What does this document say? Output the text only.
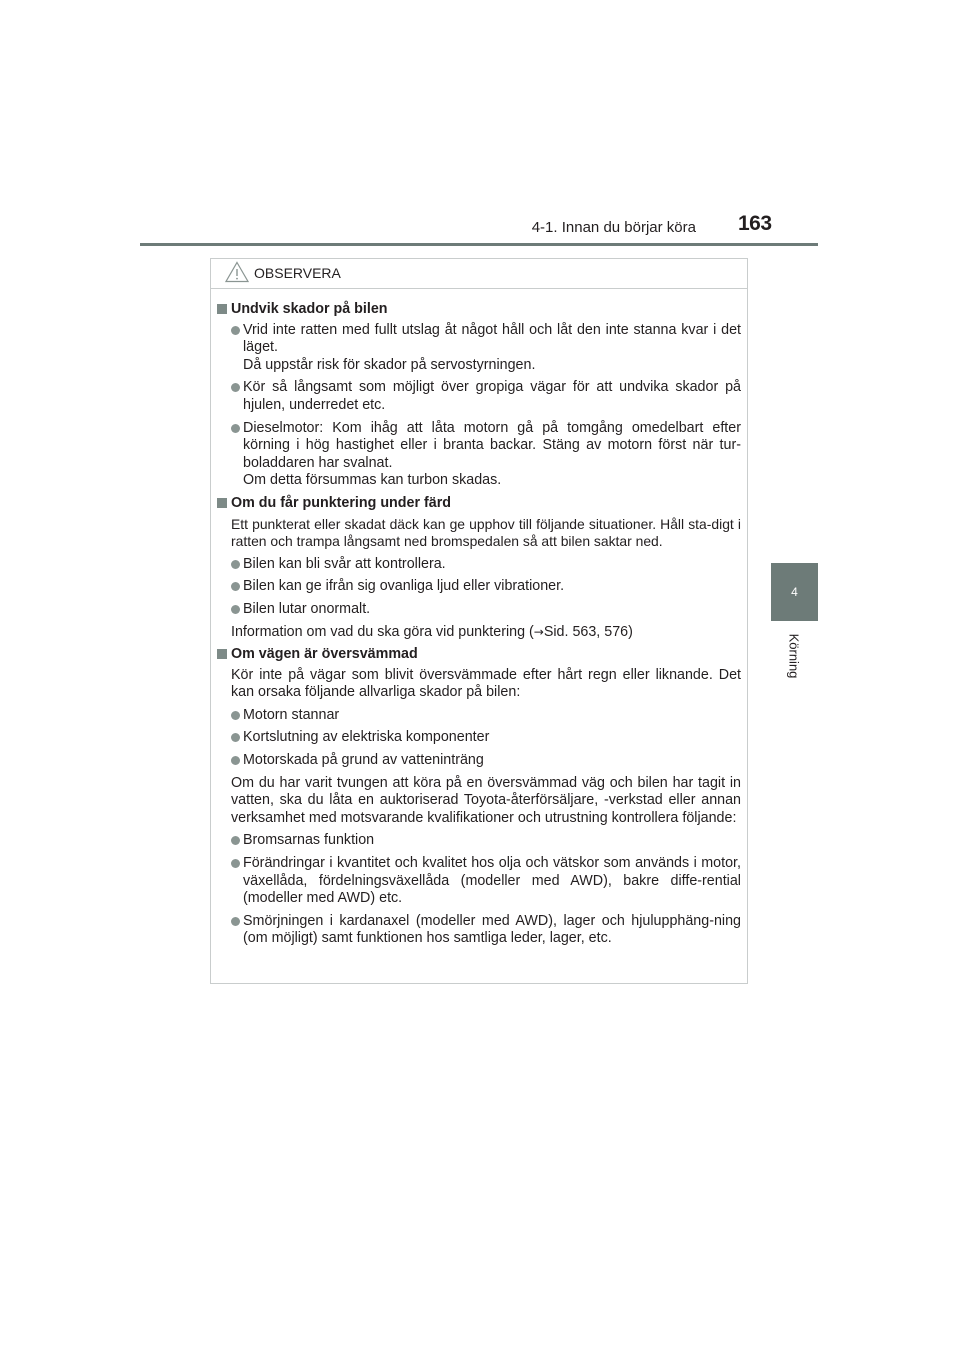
4-1. Innan du börjar köra 163
4
Körning
OBSERVERA
Undvik skador på bilen
Vrid inte ratten med fullt utslag åt något håll och låt den inte stanna kvar i det läget.
Då uppstår risk för skador på servostyrningen.
Kör så långsamt som möjligt över gropiga vägar för att undvika skador på hjulen, underredet etc.
Dieselmotor: Kom ihåg att låta motorn gå på tomgång omedelbart efter körning i hög hastighet eller i branta backar. Stäng av motorn först när tur-boladdaren har svalnat.
Om detta försummas kan turbon skadas.
Om du får punktering under färd
Ett punkterat eller skadat däck kan ge upphov till följande situationer. Håll sta-digt i ratten och trampa långsamt ned bromspedalen så att bilen saktar ned.
Bilen kan bli svår att kontrollera.
Bilen kan ge ifrån sig ovanliga ljud eller vibrationer.
Bilen lutar onormalt.
Information om vad du ska göra vid punktering (→Sid. 563, 576)
Om vägen är översvämmad
Kör inte på vägar som blivit översvämmade efter hårt regn eller liknande. Det kan orsaka följande allvarliga skador på bilen:
Motorn stannar
Kortslutning av elektriska komponenter
Motorskada på grund av vatteninträng
Om du har varit tvungen att köra på en översvämmad väg och bilen har tagit in vatten, ska du låta en auktoriserad Toyota-återförsäljare, -verkstad eller annan verksamhet med motsvarande kvalifikationer och utrustning kontrollera följande:
Bromsarnas funktion
Förändringar i kvantitet och kvalitet hos olja och vätskor som används i motor, växellåda, fördelningsväxellåda (modeller med AWD), bakre diffe-rential (modeller med AWD) etc.
Smörjningen i kardanaxel (modeller med AWD), lager och hjulupphäng-ning (om möjligt) samt funktionen hos samtliga leder, lager, etc.
